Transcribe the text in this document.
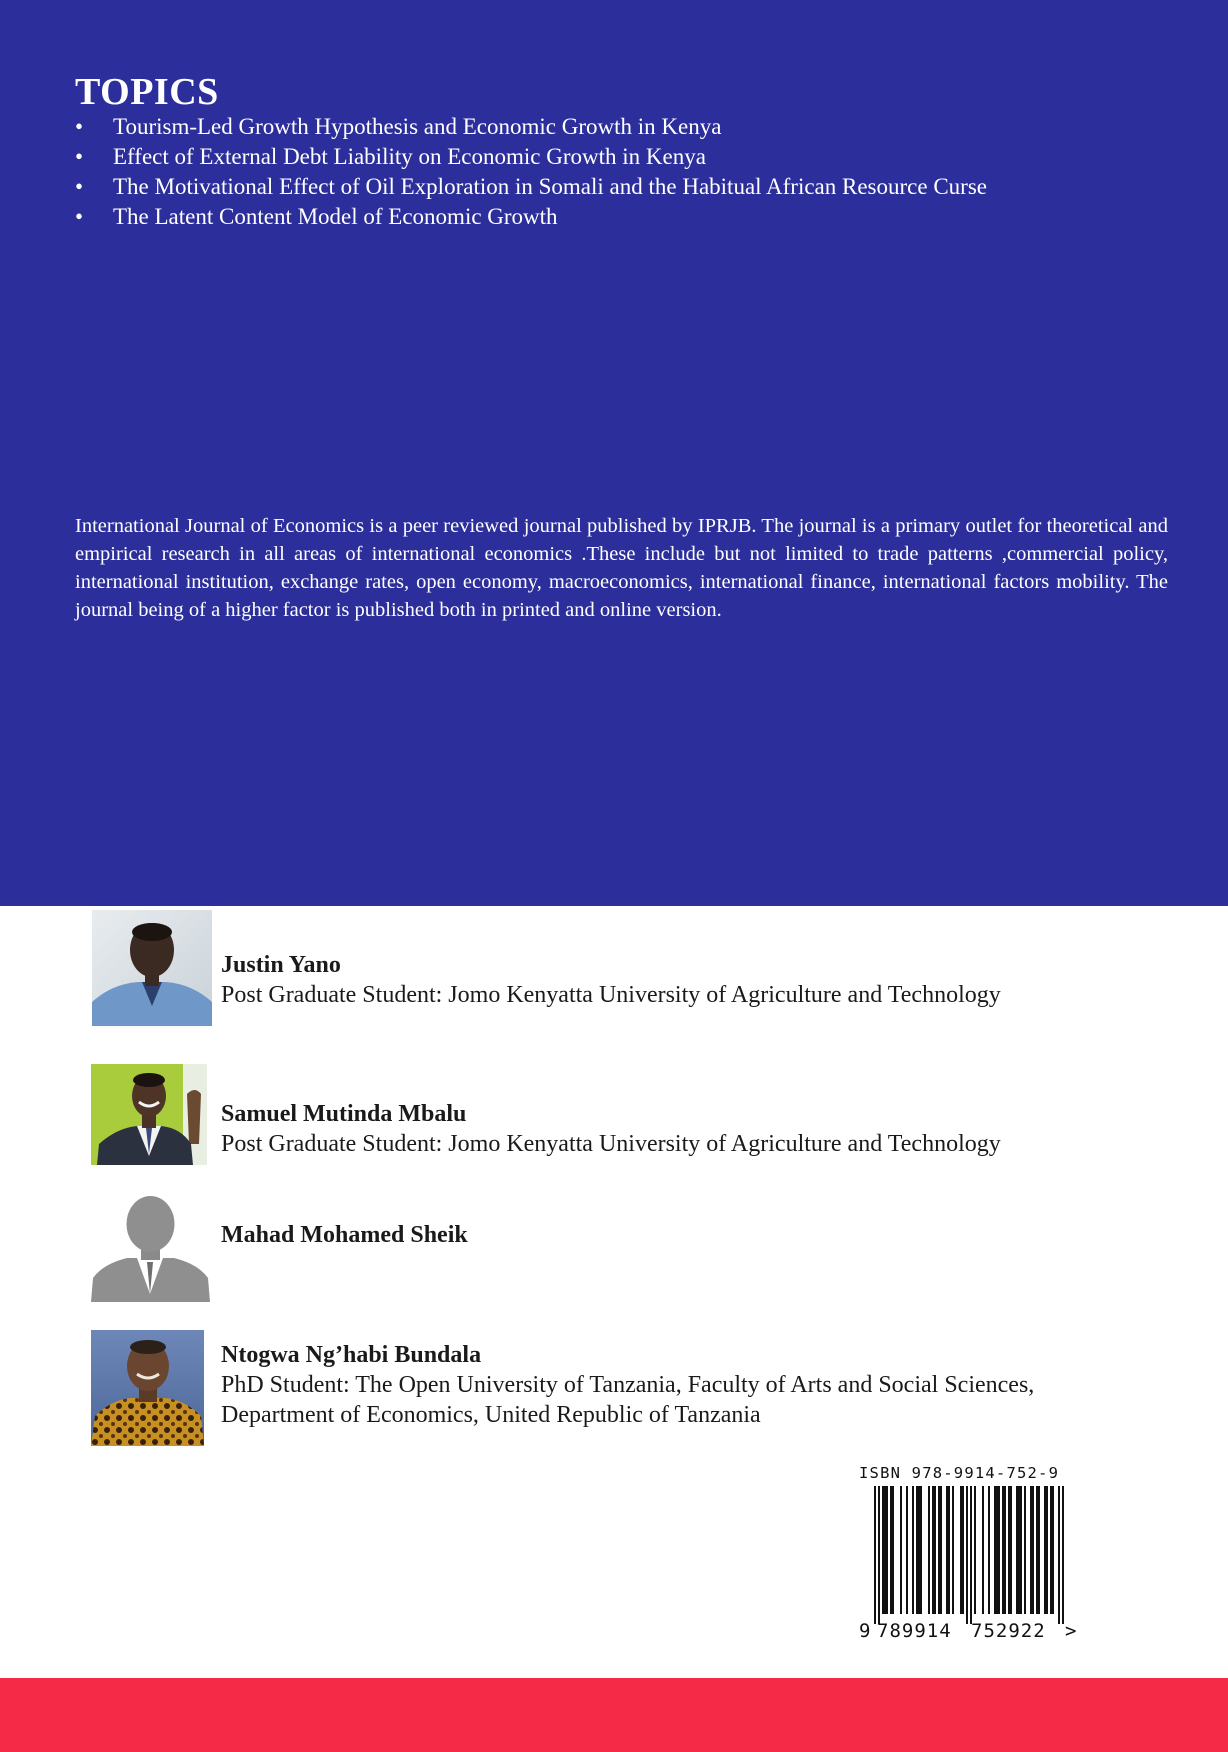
TOPICS
• Tourism-Led Growth Hypothesis and Economic Growth in Kenya
• Effect of External Debt Liability on Economic Growth in Kenya
• The Motivational Effect of Oil Exploration in Somali and the Habitual African Resource Curse
• The Latent Content Model of Economic Growth

International Journal of Economics is a peer reviewed journal published by IPRJB. The journal is a primary outlet for theoretical and empirical research in all areas of international economics .These include but not limited to trade patterns ,commercial policy, international institution, exchange rates, open economy, macroeconomics, international finance, international factors mobility. The journal being of a higher factor is published both in printed and online version.

Justin Yano
Post Graduate Student: Jomo Kenyatta University of Agriculture and Technology
Samuel Mutinda Mbalu
Post Graduate Student: Jomo Kenyatta University of Agriculture and Technology
Mahad Mohamed Sheik
Ntogwa Ng’habi Bundala
PhD Student: The Open University of Tanzania, Faculty of Arts and Social Sciences,
Department of Economics, United Republic of Tanzania
ISBN 978-9914-752-9
9 789914 752922 >
